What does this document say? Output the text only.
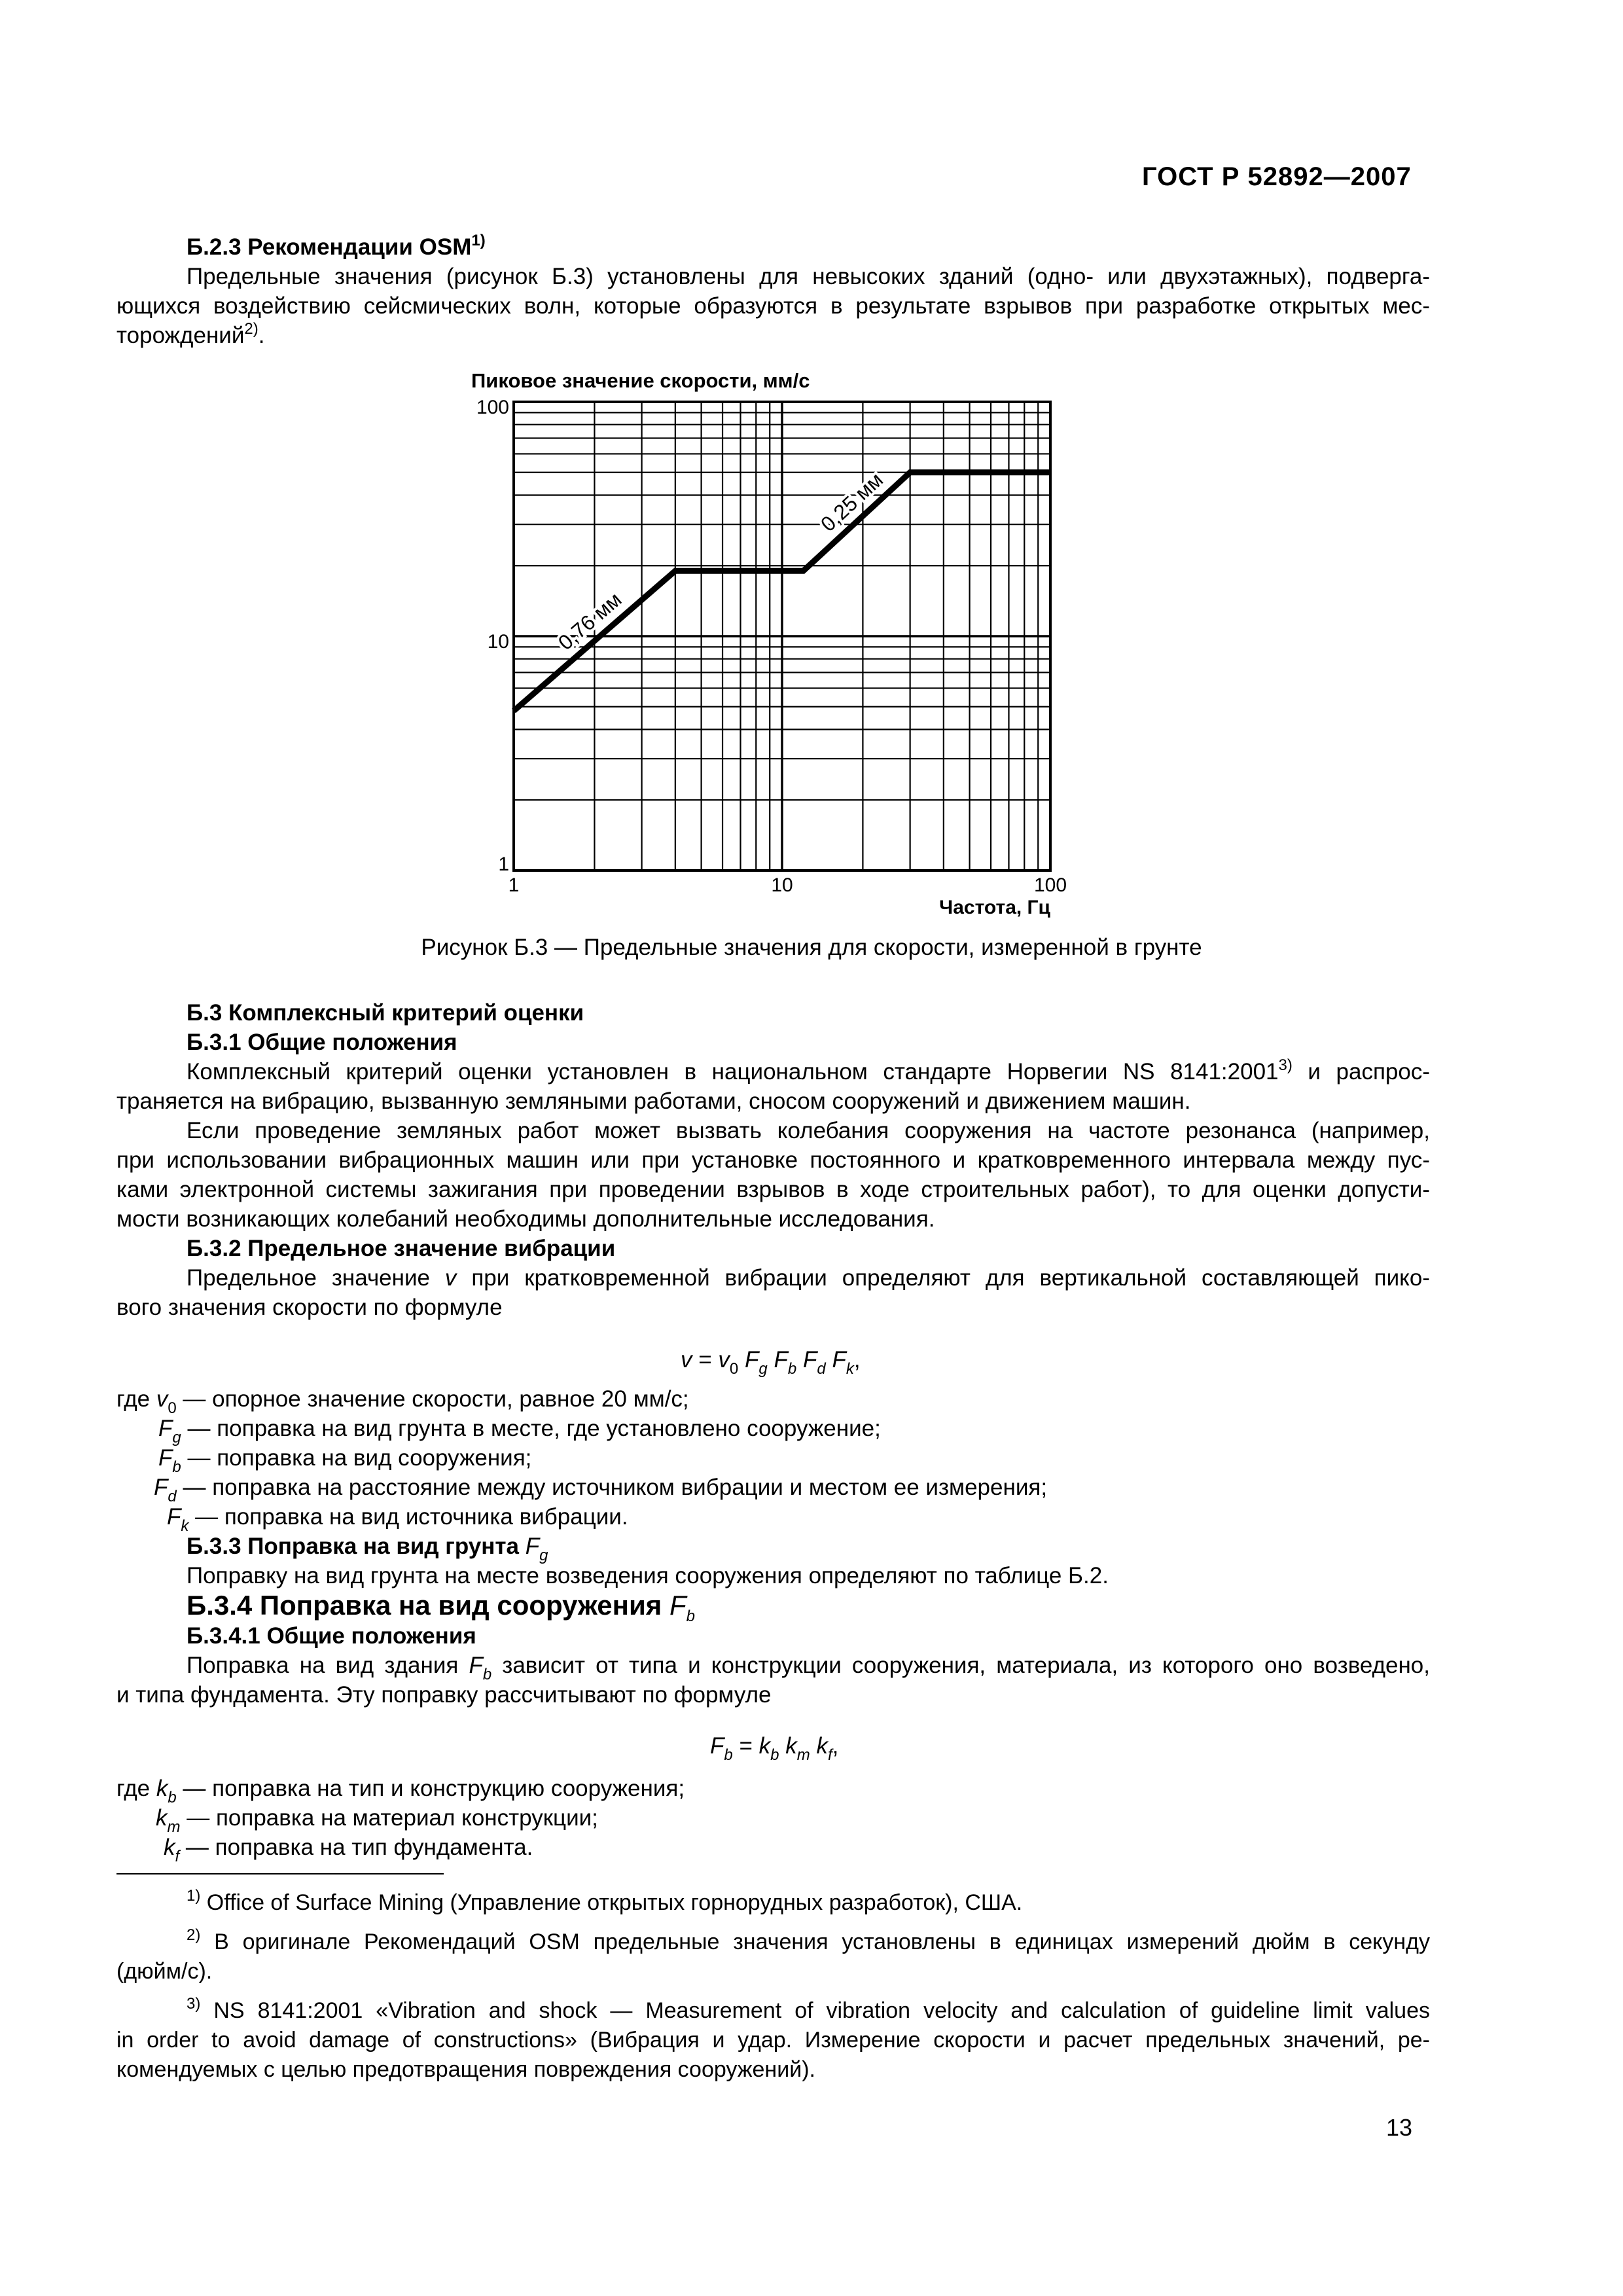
ГОСТ Р 52892—2007
Б.2.3 Рекомендации OSM$^{1)}$
Предельные значения (рисунок Б.3) установлены для невысоких зданий (одно- или двухэтажных), подверга-
ющихся воздействию сейсмических волн, которые образуются в результате взрывов при разработке открытых мес-
торождений$^{2)}$.
Пиковое значение скорости, мм/с
100
10
1
1	10	100
Частота, Гц
0,76 мм
0,25 мм
Рисунок Б.3 — Предельные значения для скорости, измеренной в грунте
Б.3 Комплексный критерий оценки
Б.3.1 Общие положения
Комплексный критерий оценки установлен в национальном стандарте Норвегии NS 8141:2001$^{3)}$ и распрос-
траняется на вибрацию, вызванную земляными работами, сносом сооружений и движением машин.
Если проведение земляных работ может вызвать колебания сооружения на частоте резонанса (например,
при использовании вибрационных машин или при установке постоянного и кратковременного интервала между пус-
ками электронной системы зажигания при проведении взрывов в ходе строительных работ), то для оценки допусти-
мости возникающих колебаний необходимы дополнительные исследования.
Б.3.2 Предельное значение вибрации
Предельное значение v при кратковременной вибрации определяют для вертикальной составляющей пико-
вого значения скорости по формуле
$v = v_0$ $F_g$ $F_b$ $F_d$ $F_k$,
где $v_0$ — опорное значение скорости, равное 20 мм/с;
$F_g$ — поправка на вид грунта в месте, где установлено сооружение;
$F_b$ — поправка на вид сооружения;
$F_d$ — поправка на расстояние между источником вибрации и местом ее измерения;
$F_k$ — поправка на вид источника вибрации.
Б.3.3 Поправка на вид грунта $F_g$
Поправку на вид грунта на месте возведения сооружения определяют по таблице Б.2.
Б.3.4 Поправка на вид сооружения $F_b$
Б.3.4.1 Общие положения
Поправка на вид здания $F_b$ зависит от типа и конструкции сооружения, материала, из которого оно возведено,
и типа фундамента. Эту поправку рассчитывают по формуле
$F_b = k_b$ $k_m$ $k_f$,
где $k_b$ — поправка на тип и конструкцию сооружения;
$k_m$ — поправка на материал конструкции;
$k_f$ — поправка на тип фундамента.
$^{1)}$ Office of Surface Mining (Управление открытых горнорудных разработок), США.
$^{2)}$ В оригинале Рекомендаций OSM предельные значения установлены в единицах измерений дюйм в секунду
(дюйм/с).
$^{3)}$ NS 8141:2001 «Vibration and shock — Measurement of vibration velocity and calculation of guideline limit values
in order to avoid damage of constructions» (Вибрация и удар. Измерение скорости и расчет предельных значений, ре-
комендуемых с целью предотвращения повреждения сооружений).
13
